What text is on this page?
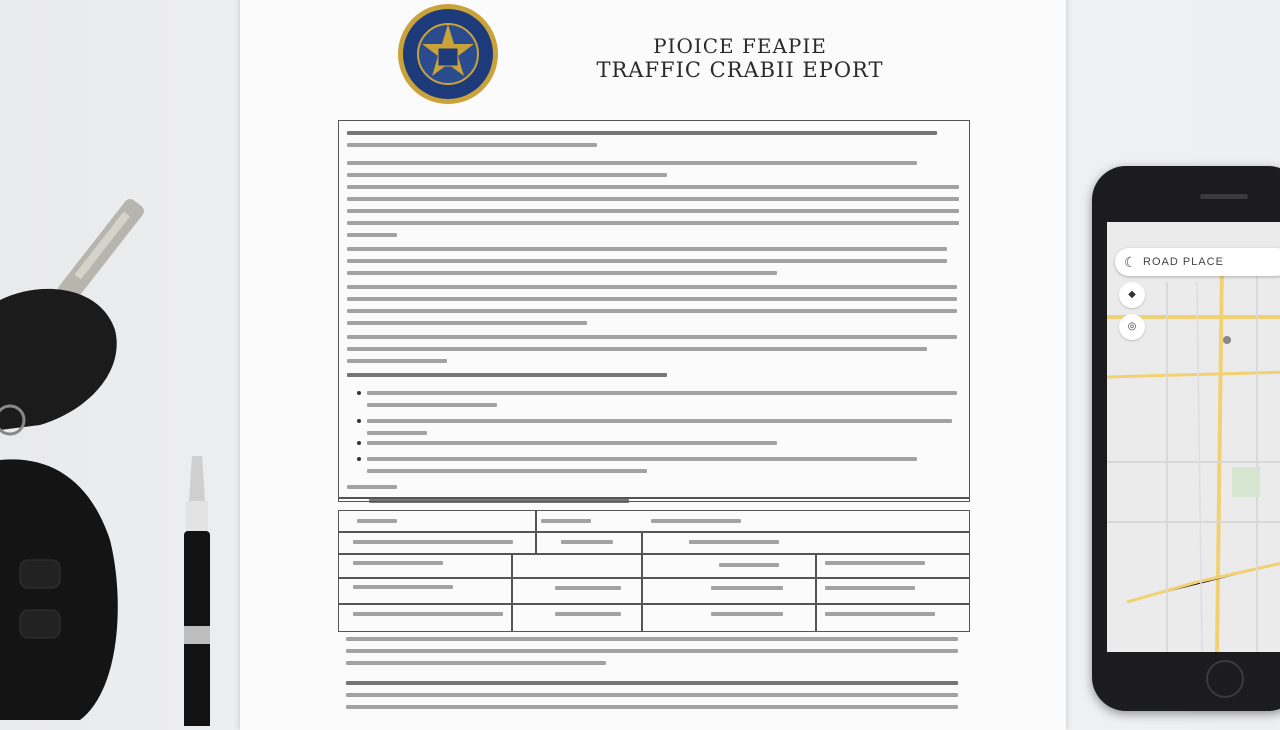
PIOICE FEAPIE
TRAFFIC CRABII EPORT
☾ ROAD PLACE
◆
◎
